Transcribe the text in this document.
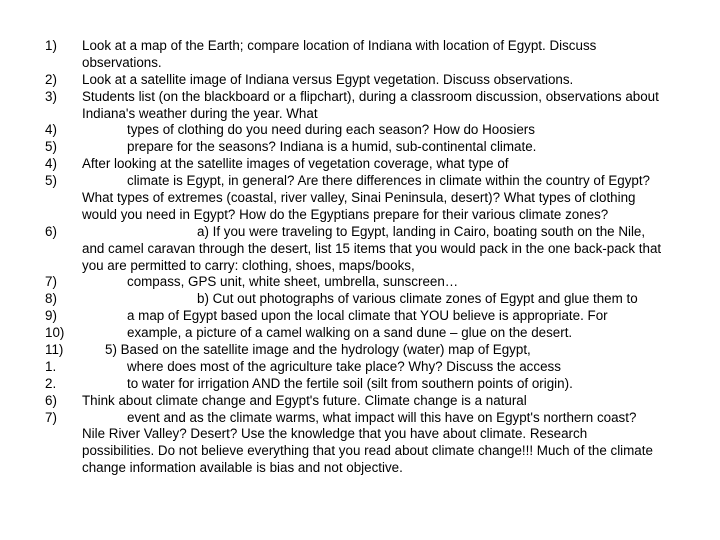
1) Look at a map of the Earth; compare location of Indiana with location of Egypt. Discuss
observations.
2) Look at a satellite image of Indiana versus Egypt vegetation. Discuss observations.
3) Students list (on the blackboard or a flipchart), during a classroom discussion, observations about
Indiana's weather during the year. What
4)	types of clothing do you need during each season? How do Hoosiers
5)	prepare for the seasons? Indiana is a humid, sub-continental climate.
4) After looking at the satellite images of vegetation coverage, what type of
5)	climate is Egypt, in general? Are there differences in climate within the country of Egypt?
What types of extremes (coastal, river valley, Sinai Peninsula, desert)? What types of clothing
would you need in Egypt? How do the Egyptians prepare for their various climate zones?
6)	a) If you were traveling to Egypt, landing in Cairo, boating south on the Nile,
and camel caravan through the desert, list 15 items that you would pack in the one back-pack that
you are permitted to carry: clothing, shoes, maps/books,
7)	compass, GPS unit, white sheet, umbrella, sunscreen…
8)	b) Cut out photographs of various climate zones of Egypt and glue them to
9)	a map of Egypt based upon the local climate that YOU believe is appropriate. For
10)	example, a picture of a camel walking on a sand dune – glue on the desert.
11)	5) Based on the satellite image and the hydrology (water) map of Egypt,
1.	where does most of the agriculture take place? Why? Discuss the access
2.	to water for irrigation AND the fertile soil (silt from southern points of origin).
6) Think about climate change and Egypt's future. Climate change is a natural
7)	event and as the climate warms, what impact will this have on Egypt's northern coast?
Nile River Valley? Desert? Use the knowledge that you have about climate. Research
possibilities. Do not believe everything that you read about climate change!!! Much of the climate
change information available is bias and not objective.
